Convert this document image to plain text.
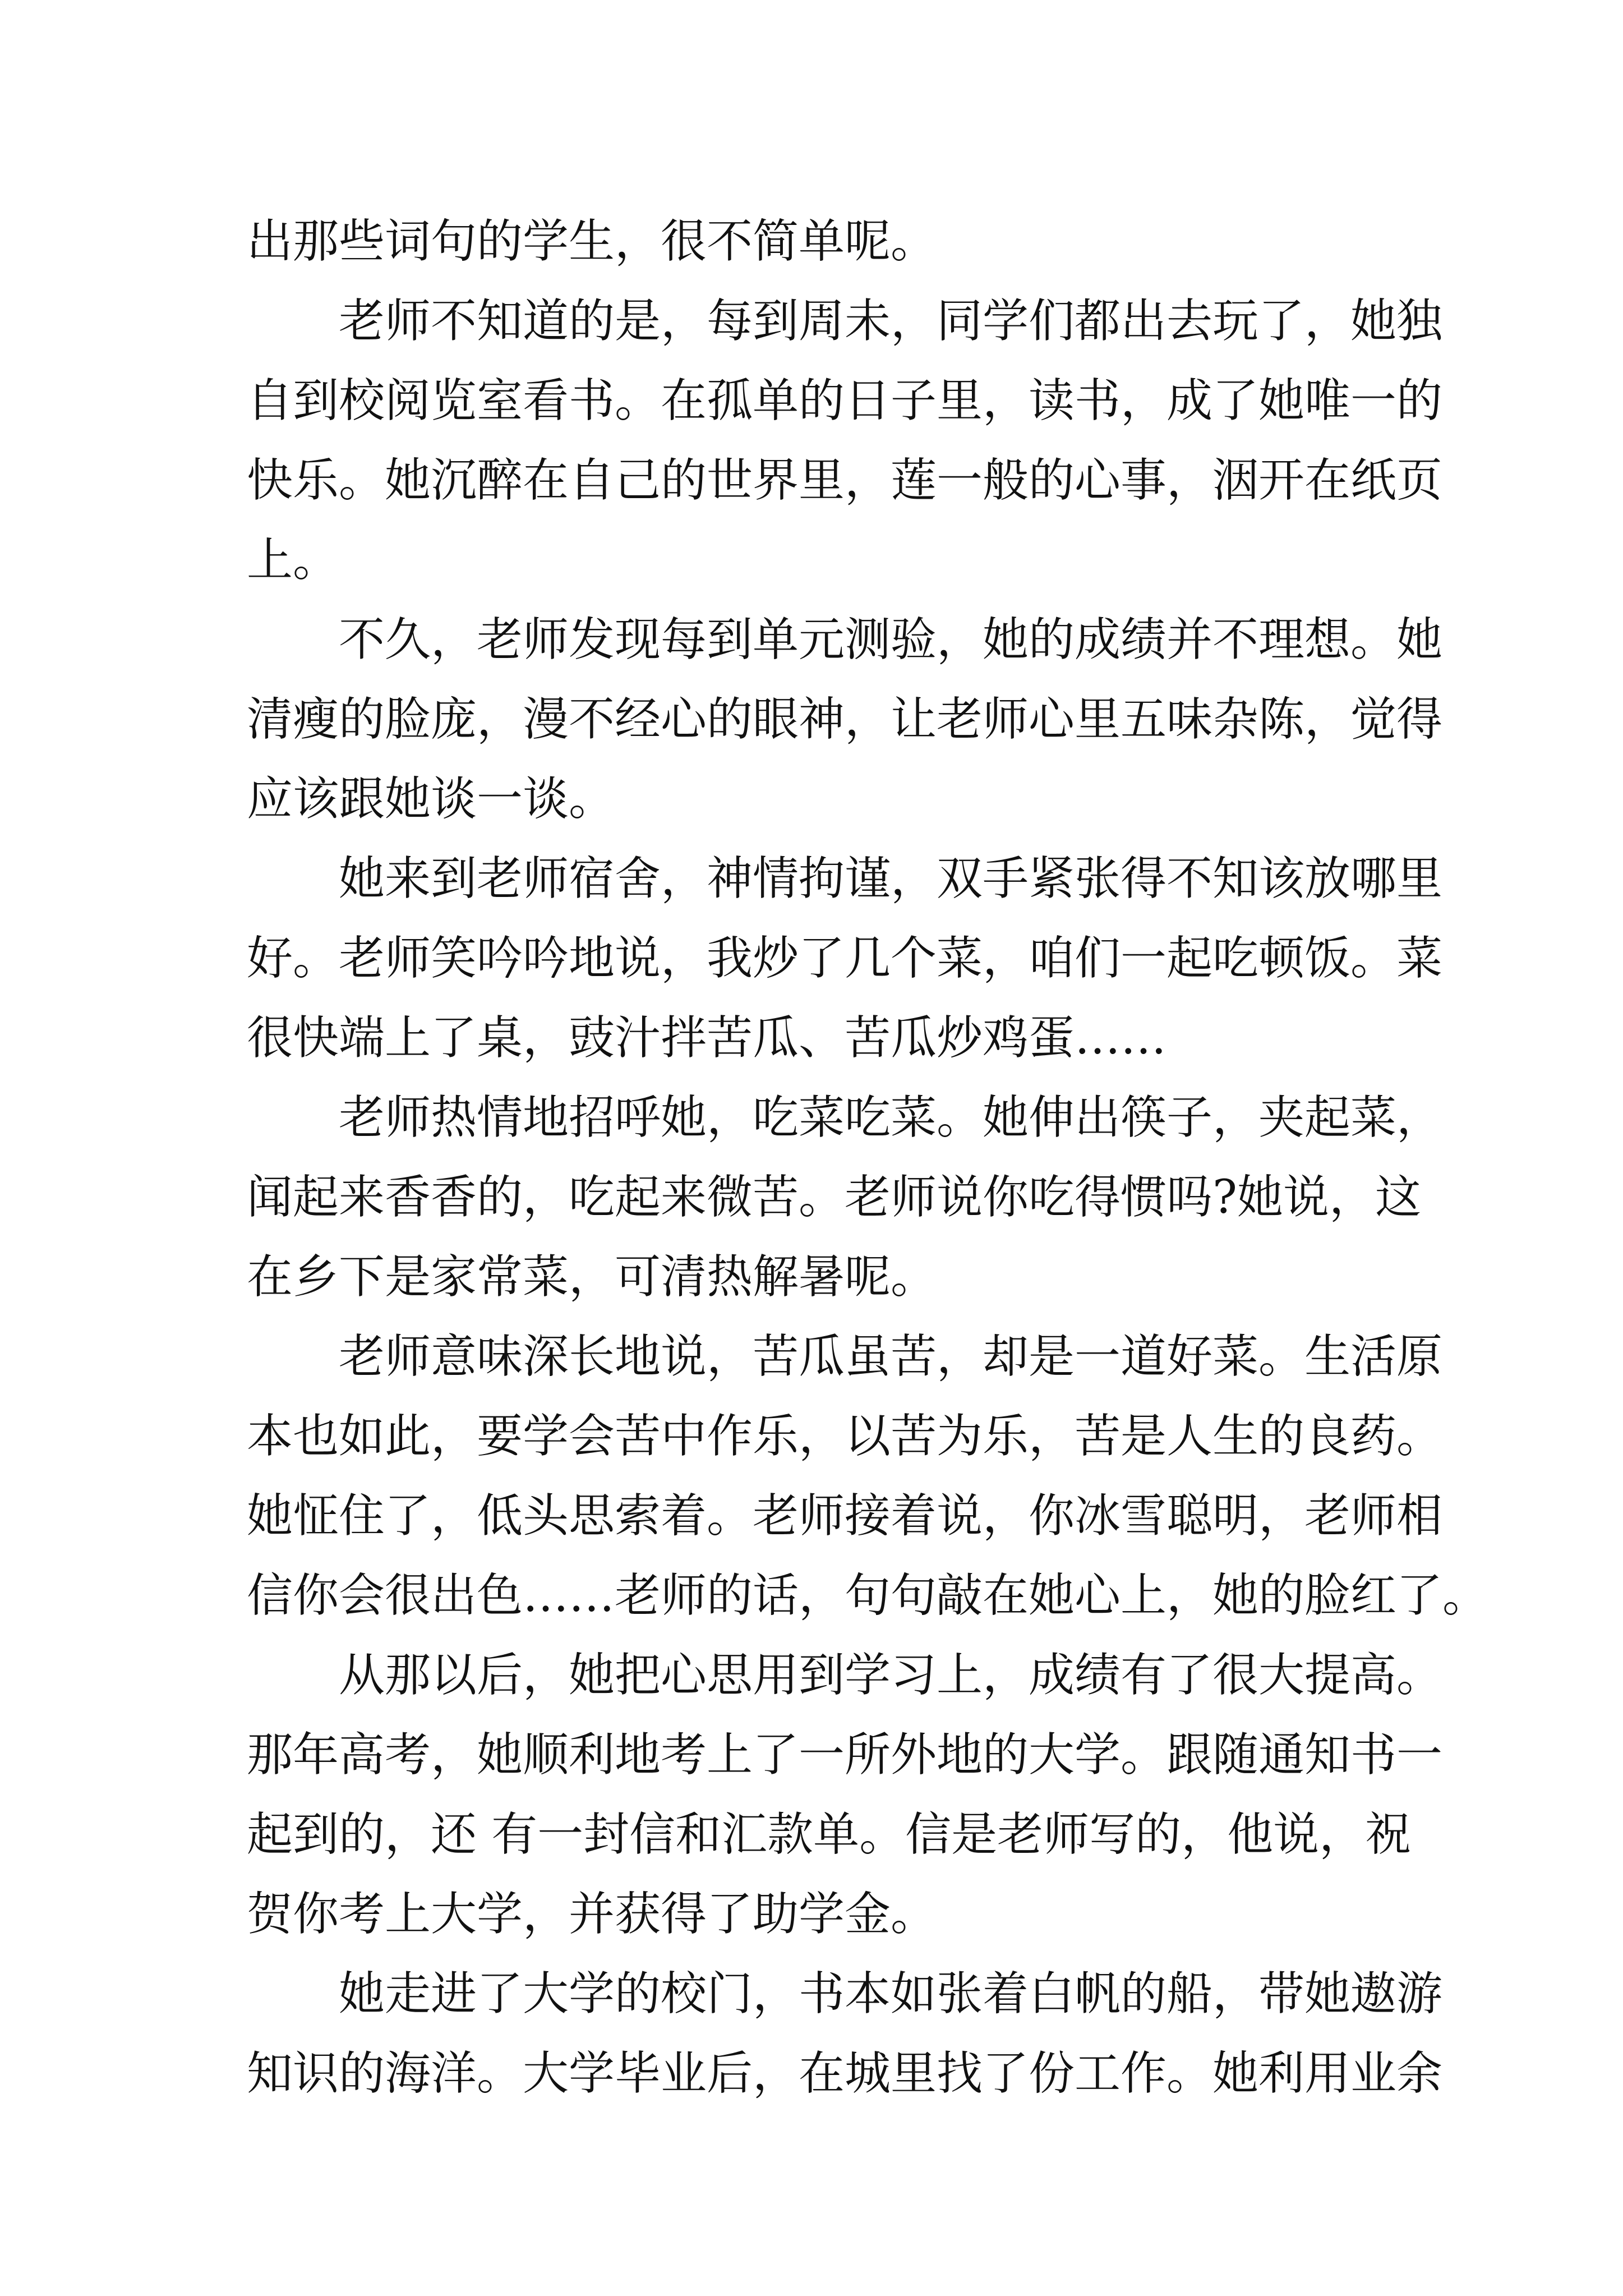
出那些词句的学生，很不简单呢。
老师不知道的是，每到周未，同学们都出去玩了，她独
自到校阅览室看书。在孤单的日子里，读书，成了她唯一的
快乐。她沉醉在自己的世界里，莲一般的心事，洇开在纸页
上。
不久，老师发现每到单元测验，她的成绩并不理想。她
清瘦的脸庞，漫不经心的眼神，让老师心里五味杂陈，觉得
应该跟她谈一谈。
她来到老师宿舍，神情拘谨，双手紧张得不知该放哪里
好。老师笑吟吟地说，我炒了几个菜，咱们一起吃顿饭。菜
很快端上了桌，豉汁拌苦瓜、苦瓜炒鸡蛋……
老师热情地招呼她，吃菜吃菜。她伸出筷子，夹起菜，
闻起来香香的，吃起来微苦。老师说你吃得惯吗?她说，这
在乡下是家常菜，可清热解暑呢。
老师意味深长地说，苦瓜虽苦，却是一道好菜。生活原
本也如此，要学会苦中作乐，以苦为乐，苦是人生的良药。
她怔住了，低头思索着。老师接着说，你冰雪聪明，老师相
信你会很出色……老师的话，句句敲在她心上，她的脸红了。
从那以后，她把心思用到学习上，成绩有了很大提高。
那年高考，她顺利地考上了一所外地的大学。跟随通知书一
起到的，还 有一封信和汇款单。信是老师写的，他说，祝
贺你考上大学，并获得了助学金。
她走进了大学的校门，书本如张着白帆的船，带她遨游
知识的海洋。大学毕业后，在城里找了份工作。她利用业余
